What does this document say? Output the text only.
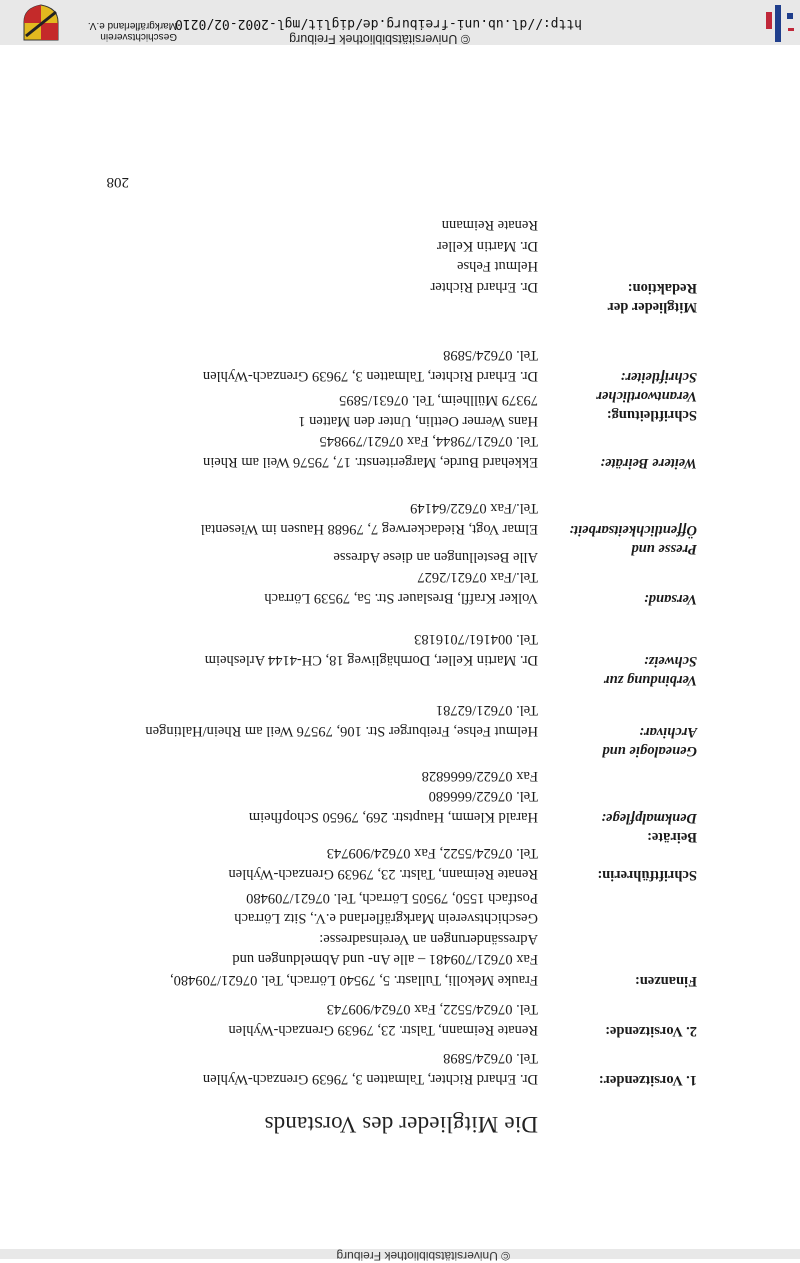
© Universitätsbibliothek Freiburg
Die Mitglieder des Vorstands
Dr. Erhard Richter, Talmatten 3, 79639 Grenzach-Wyhlen
Tel. 07624/5898
1. Vorsitzender:
Renate Reimann, Talstr. 23, 79639 Grenzach-Wyhlen
Tel. 07624/5522, Fax 07624/909743
2. Vorsitzende:
Frauke Mekolli, Tullastr. 5, 79540 Lörrach, Tel. 07621/709480,
Fax 07621/709481 – alle An- und Abmeldungen und
Adressänderungen an Vereinsadresse:
Geschichtsverein Markgräflerland e.V., Sitz Lörrach
Postfach 1550, 79505 Lörrach, Tel. 07621/709480
Finanzen:
Renate Reimann, Talstr. 23, 79639 Grenzach-Wyhlen
Tel. 07624/5522, Fax 07624/909743
Schriftführerin:
Harald Klemm, Hauptstr. 269, 79650 Schopfheim
Tel. 07622/666680
Fax 07622/6666828
Beiräte:
Denkmalpflege:
Helmut Fehse, Freiburger Str. 106, 79576 Weil am Rhein/Haltingen
Tel. 07621/62781
Genealogie und
Archivar:
Dr. Martin Keller, Dornhägliweg 18, CH-4144 Arlesheim
Tel. 004161/7016183
Verbindung zur
Schweiz:
Volker Kraffl, Breslauer Str. 5a, 79539 Lörrach
Tel./Fax 07621/2627
Alle Bestellungen an diese Adresse
Versand:
Elmar Vogt, Riedackerweg 7, 79688 Hausen im Wiesental
Tel./Fax 07622/64149
Presse und
Öffentlichkeitsarbeit:
Ekkehard Burde, Margeritenstr. 17, 79576 Weil am Rhein
Tel. 07621/79844, Fax 07621/799845
Hans Werner Oettlin, Unter den Matten 1
79379 Müllheim, Tel. 07631/5895
Weitere Beiräte:
Dr. Erhard Richter, Talmatten 3, 79639 Grenzach-Wyhlen
Tel. 07624/5898
Schriftleitung:
Verantwortlicher
Schriftleiter:
Dr. Erhard Richter
Helmut Fehse
Dr. Martin Keller
Renate Reimann
Mitglieder der
Redaktion:
208
© Universitätsbibliothek Freiburg
http://dl.ub.uni-freiburg.de/diglit/mgl-2002-02/0210
Geschichtsverein
Markgräflerland e.V.
